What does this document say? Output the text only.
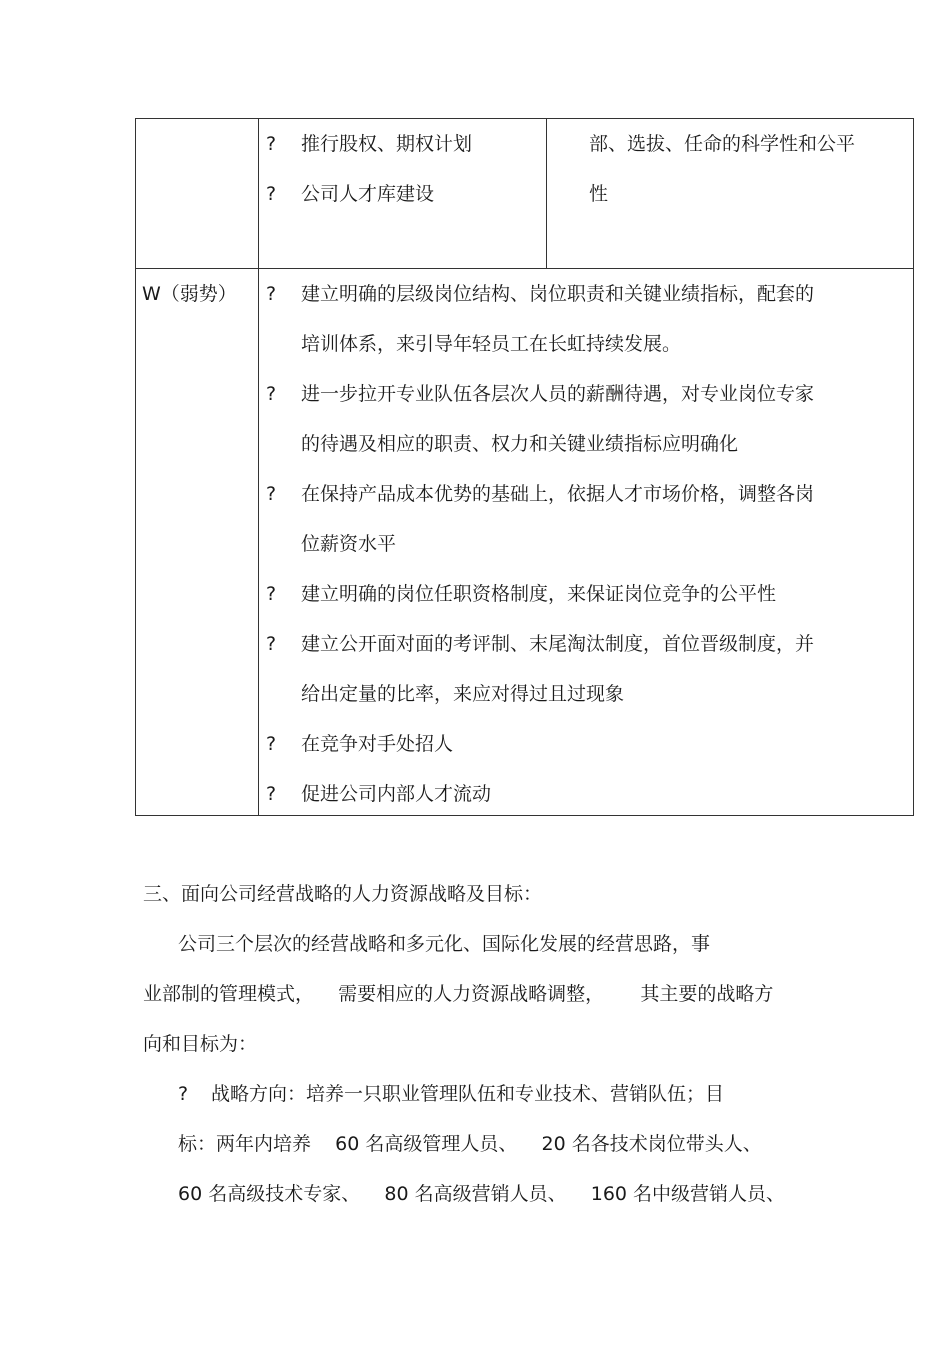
? 推行股权、期权计划
? 公司人才库建设
部、选拔、任命的科学性和公平
性
W（弱势） ? 建立明确的层级岗位结构、岗位职责和关键业绩指标，配套的
培训体系，来引导年轻员工在长虹持续发展。
? 进一步拉开专业队伍各层次人员的薪酬待遇，对专业岗位专家
的待遇及相应的职责、权力和关键业绩指标应明确化
? 在保持产品成本优势的基础上，依据人才市场价格，调整各岗
位薪资水平
? 建立明确的岗位任职资格制度，来保证岗位竞争的公平性
? 建立公开面对面的考评制、末尾淘汰制度，首位晋级制度，并
给出定量的比率，来应对得过且过现象
? 在竞争对手处招人
? 促进公司内部人才流动
三、面向公司经营战略的人力资源战略及目标：
公司三个层次的经营战略和多元化、国际化发展的经营思路，事
业部制的管理模式，    需要相应的人力资源战略调整，      其主要的战略方
向和目标为：
? 战略方向：培养一只职业管理队伍和专业技术、营销队伍；目
标：两年内培养    60 名高级管理人员、    20 名各技术岗位带头人、
60 名高级技术专家、    80 名高级营销人员、    160 名中级营销人员、
